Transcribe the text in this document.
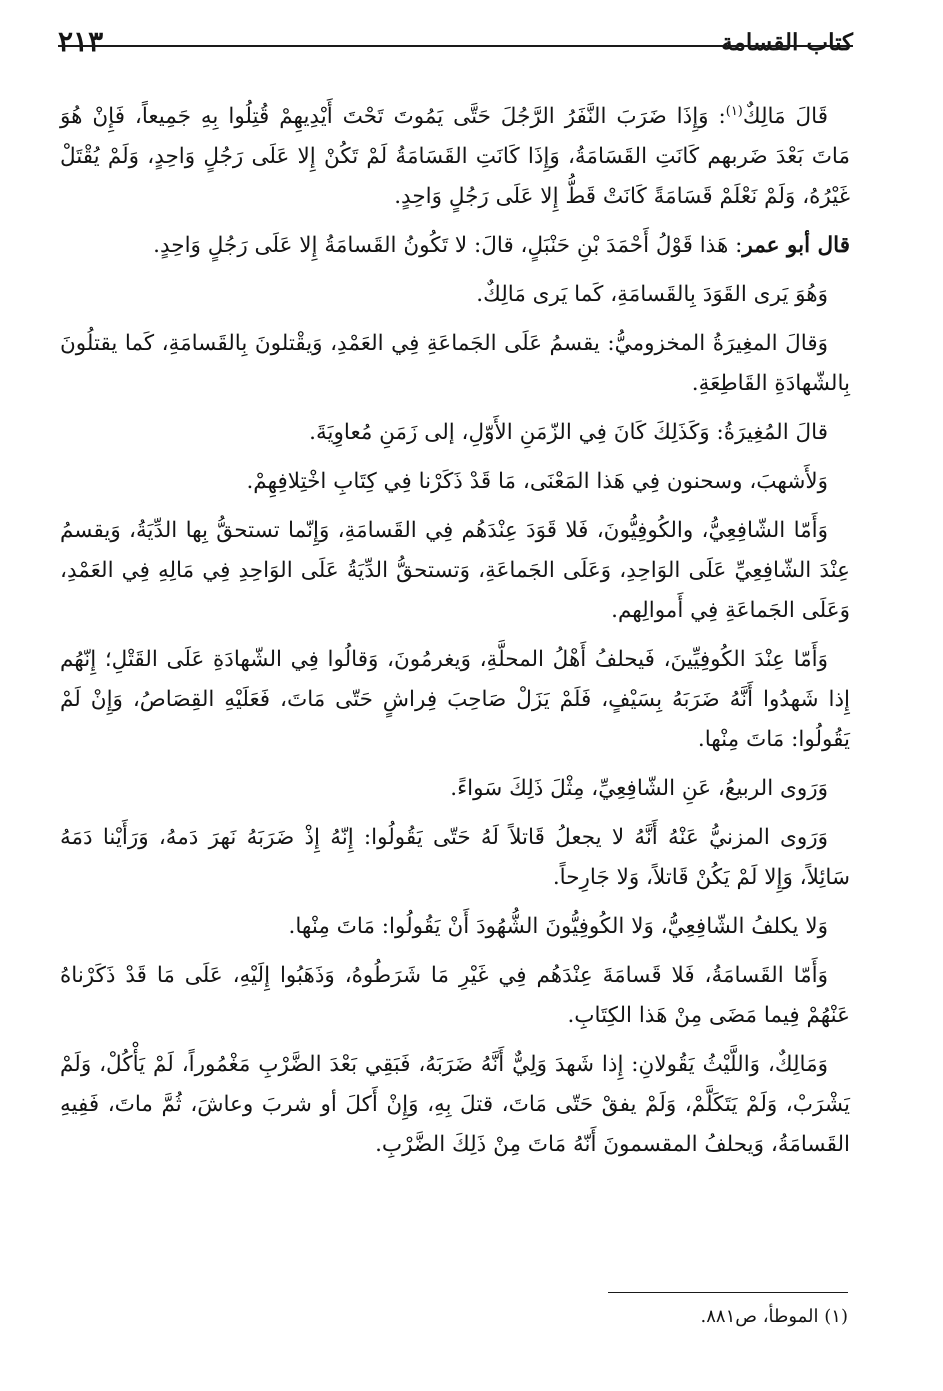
كتاب القسامة
٢١٣

قَالَ مَالِكٌ$^{(١)}$: وَإِذَا ضَرَبَ النَّفَرُ الرَّجُلَ حَتَّى يَمُوتَ تَحْتَ أَيْدِيهِمْ قُتِلُوا بِهِ جَمِيعاً، فَإِنْ هُوَ مَاتَ بَعْدَ ضَربهم كَانَتِ القَسَامَةُ، وَإِذَا كَانَتِ القَسَامَةُ لَمْ تَكُنْ إِلا عَلَى رَجُلٍ وَاحِدٍ، وَلَمْ يُقْتَلْ غَيْرُهُ، وَلَمْ نَعْلَمْ قَسَامَةً كَانَتْ قَطُّ إِلا عَلَى رَجُلٍ وَاحِدٍ.

قال أبو عمر: هَذا قَوْلُ أَحْمَدَ بْنِ حَنْبَلٍ، قالَ: لا تَكُونُ القَسامَةُ إِلا عَلَى رَجُلٍ وَاحِدٍ.

وَهُوَ يَرى القَوَدَ بِالقَسامَةِ، كَما يَرى مَالِكٌ.

وَقالَ المغِيرَةُ المخزوميُّ: يقسمُ عَلَى الجَماعَةِ فِي العَمْدِ، وَيقْتلونَ بِالقَسامَةِ، كَما يقتلُونَ بِالشّهادَةِ القَاطِعَةِ.

قالَ المُغِيرَةُ: وَكَذَلِكَ كَانَ فِي الزّمَنِ الأَوّلِ، إلى زَمَنِ مُعاوِيَةَ.

وَلأَشهبَ، وسحنون فِي هَذا المَعْنَى، مَا قَدْ ذَكَرْنا فِي كِتَابِ اخْتِلافِهِمْ.

وَأَمّا الشّافِعِيُّ، والكُوفِيُّونَ، فَلا قَوَدَ عِنْدَهُم فِي القَسامَةِ، وَإِنّما تستحقُّ بِها الدِّيَةُ، وَيقسمُ عِنْدَ الشّافِعِيِّ عَلَى الوَاحِدِ، وَعَلَى الجَماعَةِ، وَتستحقُّ الدِّيَةُ عَلَى الوَاحِدِ فِي مَالِهِ فِي العَمْدِ، وَعَلَى الجَماعَةِ فِي أَموالِهم.

وَأَمّا عِنْدَ الكُوفِيِّينَ، فَيحلفُ أَهْلُ المحلَّةِ، وَيغرمُونَ، وَقالُوا فِي الشّهادَةِ عَلَى القَتْلِ؛ إِنّهُم إِذا شَهدُوا أَنَّهُ ضَرَبَهُ بِسَيْفٍ، فَلَمْ يَزَلْ صَاحِبَ فِراشٍ حَتّى مَاتَ، فَعَلَيْهِ القِصَاصُ، وَإِنْ لَمْ يَقُولُوا: مَاتَ مِنْها.

وَرَوى الربيعُ، عَنِ الشّافِعِيِّ، مِثْلَ ذَلِكَ سَواءً.

وَرَوى المزنيُّ عَنْهُ أَنَّهُ لا يجعلُ قَاتلاً لَهُ حَتّى يَقُولُوا: إِنّهُ إِذْ ضَرَبَهُ نَهرَ دَمهُ، وَرَأَيْنا دَمَهُ سَائِلاً، وَإِلا لَمْ يَكُنْ قَاتلاً، وَلا جَارِحاً.

وَلا يكلفُ الشّافِعِيُّ، وَلا الكُوفِيُّونَ الشُّهُودَ أَنْ يَقُولُوا: مَاتَ مِنْها.

وَأَمّا القَسامَةُ، فَلا قَسامَةَ عِنْدَهُم فِي غَيْرِ مَا شَرَطُوهُ، وَذَهَبُوا إِلَيْهِ، عَلَى مَا قَدْ ذَكَرْناهُ عَنْهُمْ فِيما مَضَى مِنْ هَذا الكِتَابِ.

وَمَالِكٌ، وَاللَّيْثُ يَقُولانِ: إِذا شَهدَ وَلِيٌّ أَنَّهُ ضَرَبَهُ، فَبَقِي بَعْدَ الضَّرْبِ مَغْمُوراً، لَمْ يَأْكُلْ، وَلَمْ يَشْرَبْ، وَلَمْ يَتَكَلَّمْ، وَلَمْ يفقْ حَتّى مَاتَ، قتلَ بِهِ، وَإِنْ أَكلَ أو شربَ وعاشَ، ثُمَّ ماتَ، فَفِيهِ القَسامَةُ، وَيحلفُ المقسمونَ أَنّهُ مَاتَ مِنْ ذَلِكَ الضَّرْبِ.

(١) الموطأ، ص٨٨١.
